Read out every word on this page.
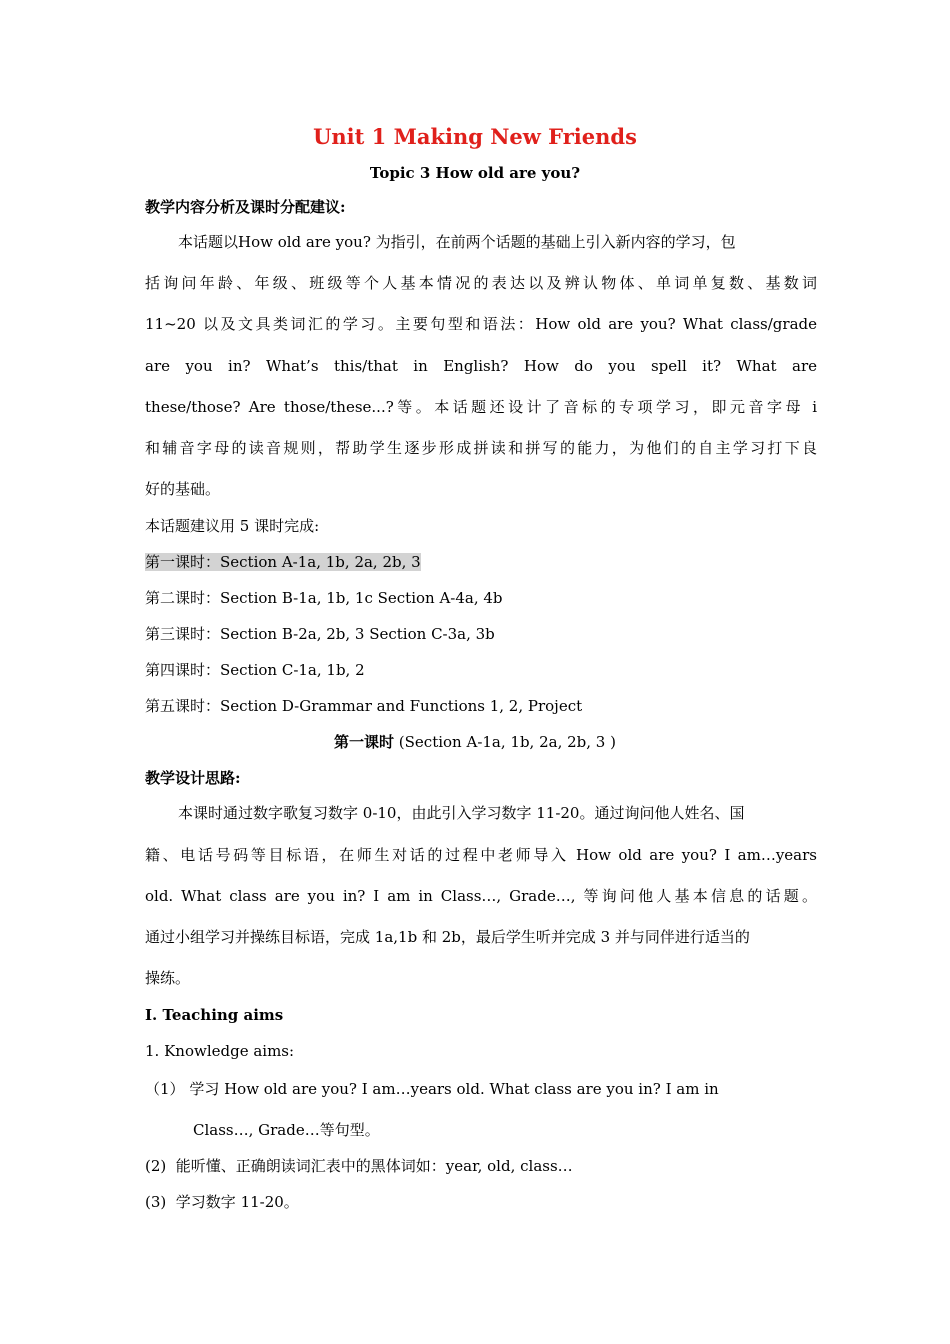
Unit 1 Making New Friends
Topic 3 How old are you?
教学内容分析及课时分配建议:
本话题以How old are you? 为指引，在前两个话题的基础上引入新内容的学习，包
括询问年龄、年级、班级等个人基本情况的表达以及辨认物体、单词单复数、基数词
11~20 以及文具类词汇的学习。主要句型和语法：How old are you? What class/grade
are you in? What’s this/that in English? How do you spell it? What are
these/those? Are those/these...?等。本话题还设计了音标的专项学习，即元音字母 i
和辅音字母的读音规则，帮助学生逐步形成拼读和拼写的能力，为他们的自主学习打下良
好的基础。
本话题建议用 5 课时完成:
第一课时：Section A-1a, 1b, 2a, 2b, 3
第二课时：Section B-1a, 1b, 1c Section A-4a, 4b
第三课时：Section B-2a, 2b, 3 Section C-3a, 3b
第四课时：Section C-1a, 1b, 2
第五课时：Section D-Grammar and Functions 1, 2, Project
第一课时 (Section A-1a, 1b, 2a, 2b, 3 )
教学设计思路:
本课时通过数字歌复习数字 0-10，由此引入学习数字 11-20。通过询问他人姓名、国
籍、电话号码等目标语，在师生对话的过程中老师导入 How old are you? I am…years
old. What class are you in? I am in Class…, Grade…, 等询问他人基本信息的话题。
通过小组学习并操练目标语，完成 1a,1b 和 2b，最后学生听并完成 3 并与同伴进行适当的
操练。
Ⅰ. Teaching aims
1. Knowledge aims:
（1） 学习 How old are you? I am…years old. What class are you in? I am in
Class…, Grade…等句型。
(2) 能听懂、正确朗读词汇表中的黑体词如：year, old, class…
(3) 学习数字 11-20。
